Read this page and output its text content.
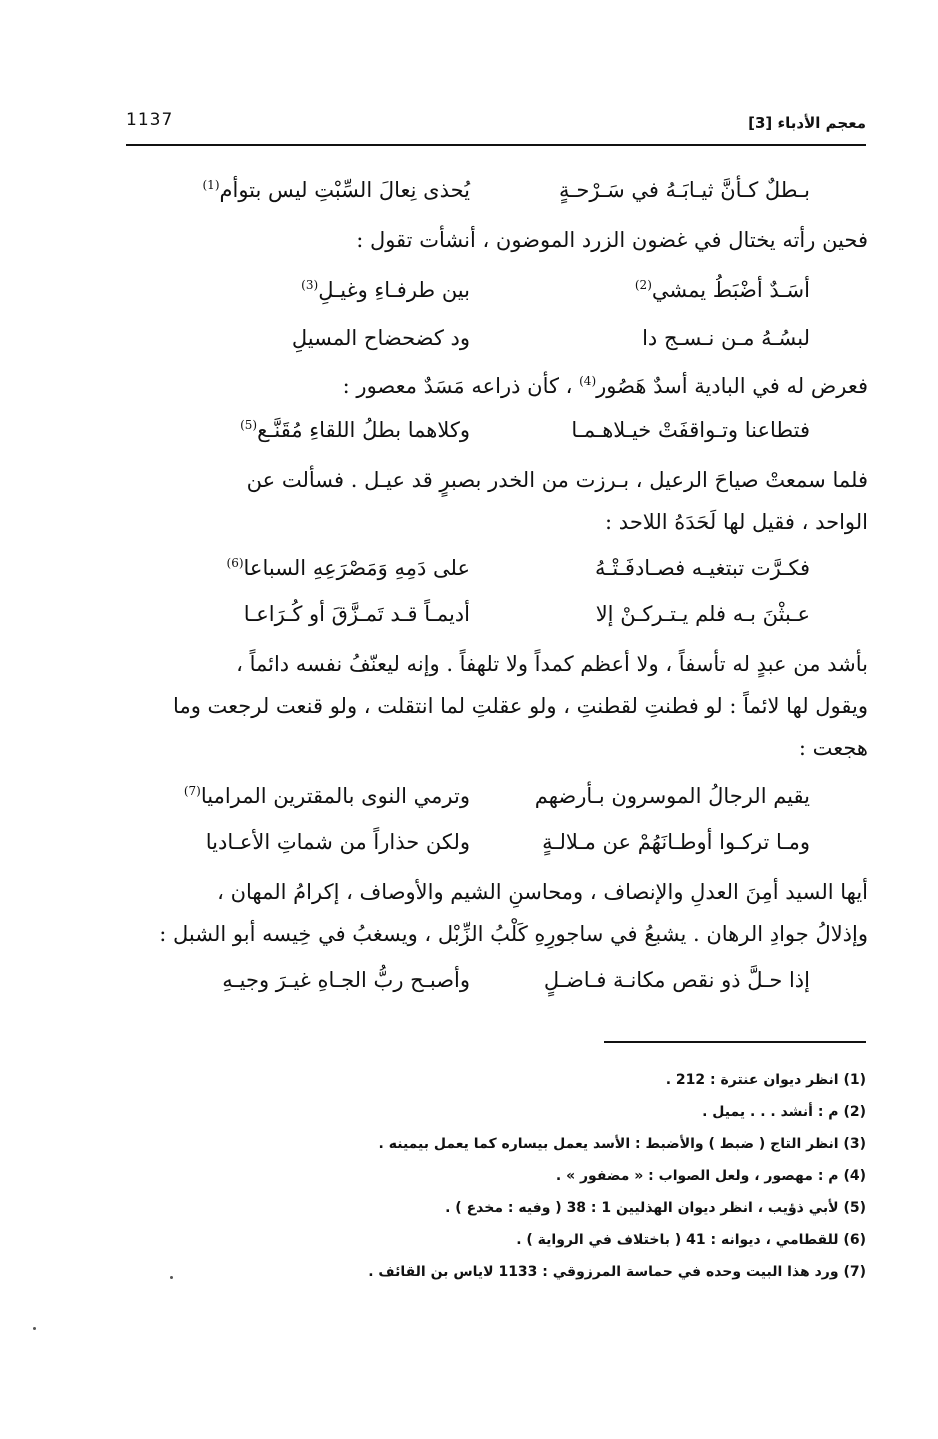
1137	معجم الأدباء [3]
بـطلٌ كـأنَّ ثيـابَـهُ في سَـرْحـةٍ
يُحذى نِعالَ السِّبْتِ ليس بتوأم$^{(1)}$
فحين رأته يختال في غضون الزرد الموضون ، أنشأت تقول :
أسَـدٌ أضْبَطُ يمشي$^{(2)}$
بين طرفـاءِ وغيـلِ$^{(3)}$
لبسُـهُ مـن نـسـج دا
ود كضحضاح المسيلِ
فعرض له في البادية أسدٌ هَصُور$^{(4)}$ ، كأن ذراعه مَسَدٌ معصور :
فتطاعنا وتـواقفَتْ خيـلاهـمـا
وكلاهما بطلُ اللقاءِ مُقَنَّـع$^{(5)}$
فلما سمعتْ صياحَ الرعيل ، بـرزت من الخدر بصبرٍ قد عيـل . فسألت عن
الواحد ، فقيل لها لَحَدَهُ اللاحد :
فكـرَّت تبتغيـه فصـادفَـتْـهُ
على دَمِهِ وَمَصْرَعِهِ السباعا$^{(6)}$
عـبثْنَ بـه فلم يـتـركـنْ إلا
أديمـاً قـد تَمـزَّقَ أو كُـرَاعـا
بأشد من عبدٍ له تأسفاً ، ولا أعظم كمداً ولا تلهفاً . وإنه ليعنّفُ نفسه دائماً ،
ويقول لها لائماً : لو فطنتِ لقطنتِ ، ولو عقلتِ لما انتقلت ، ولو قنعت لرجعت وما
هجعت :
يقيم الرجالُ الموسرون بـأرضهم
وترمي النوى بالمقترين المراميا$^{(7)}$
ومـا تركـوا أوطـانَهُمْ عن مـلالـةٍ
ولكن حذاراً من شماتِ الأعـاديا
أيها السيد أمِنَ العدلِ والإنصاف ، ومحاسنِ الشيم والأوصاف ، إكرامُ المهان ،
وإذلالُ جوادِ الرهان . يشبعُ في ساجورِهِ كَلْبُ الزِّبْل ، ويسغبُ في خِيسه أبو الشبل :
إذا حـلَّ ذو نقص مكانـة فـاضـلٍ
وأصبـح ربُّ الجـاهِ غيـرَ وجيـهِ
(1) انظر ديوان عنترة : 212 .
(2) م : أنشد . . . يميل .
(3) انظر التاج ( ضبط ) والأضبط : الأسد يعمل بيساره كما يعمل بيمينه .
(4) م : مهصور ، ولعل الصواب : « مضفور » .
(5) لأبي ذؤيب ، انظر ديوان الهذليين 1 : 38 ( وفيه : مخدع ) .
(6) للقطامي ، ديوانه : 41 ( باختلاف في الرواية ) .
(7) ورد هذا البيت وحده في حماسة المرزوقي : 1133 لاياس بن القائف .
